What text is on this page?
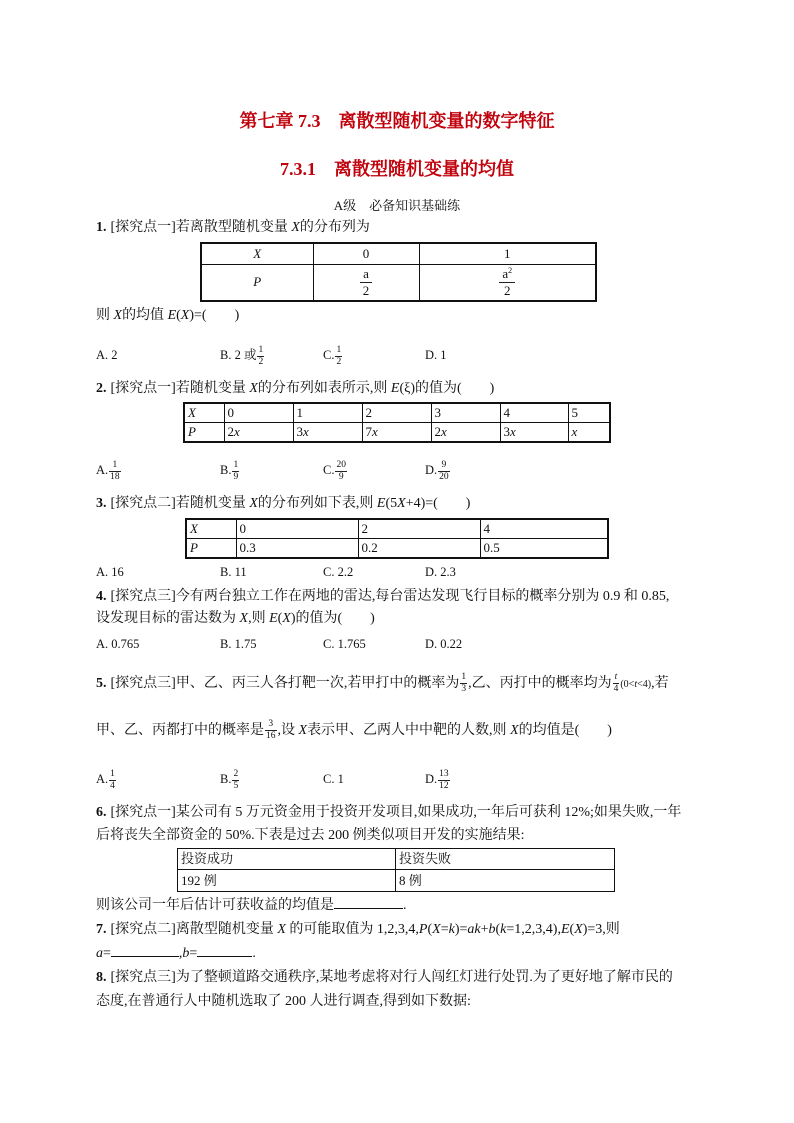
第七章 7.3　离散型随机变量的数字特征
7.3.1　离散型随机变量的均值
A级　必备知识基础练
1. [探究点一]若离散型随机变量 X的分布列为
X	0	1
P	$\frac{a}{2}$	$\frac{a^2}{2}$
则 X的均值 E(X)=(　　)
A. 2	B. 2 或 $\frac{1}{2}$	C. $\frac{1}{2}$	D. 1
2. [探究点一]若随机变量 X的分布列如表所示,则 E(ξ)的值为(　　)
X	0	1	2	3	4	5
P	2x	3x	7x	2x	3x	x
A. $\frac{1}{18}$	B. $\frac{1}{9}$	C. $\frac{20}{9}$	D. $\frac{9}{20}$
3. [探究点二]若随机变量 X的分布列如下表,则 E(5X+4)=(　　)
X	0	2	4
P	0.3	0.2	0.5
A. 16	B. 11	C. 2.2	D. 2.3
4. [探究点三]今有两台独立工作在两地的雷达,每台雷达发现飞行目标的概率分别为 0.9 和 0.85,
设发现目标的雷达数为 X,则 E(X)的值为(　　)
A. 0.765	B. 1.75	C. 1.765	D. 0.22
5. [探究点三]甲、乙、丙三人各打靶一次,若甲打中的概率为 $\frac{1}{3}$ ,乙、丙打中的概率均为 $\frac{t}{4} (0<t<4)$,若
甲、乙、丙都打中的概率是 $\frac{3}{16}$ ,设 X表示甲、乙两人中中靶的人数,则 X的均值是(　　)
A. $\frac{1}{4}$	B. $\frac{2}{5}$	C. 1	D. $\frac{13}{12}$
6. [探究点一]某公司有 5 万元资金用于投资开发项目,如果成功,一年后可获利 12%;如果失败,一年
后将丧失全部资金的 50%.下表是过去 200 例类似项目开发的实施结果:
投资成功	投资失败
192 例	8 例
则该公司一年后估计可获收益的均值是	.
7. [探究点二]离散型随机变量 X 的可能取值为 1,2,3,4,P(X=k)=ak+b(k=1,2,3,4),E(X)=3,则
a=	,b=	.
8. [探究点三]为了整顿道路交通秩序,某地考虑将对行人闯红灯进行处罚.为了更好地了解市民的
态度,在普通行人中随机选取了 200 人进行调查,得到如下数据:
